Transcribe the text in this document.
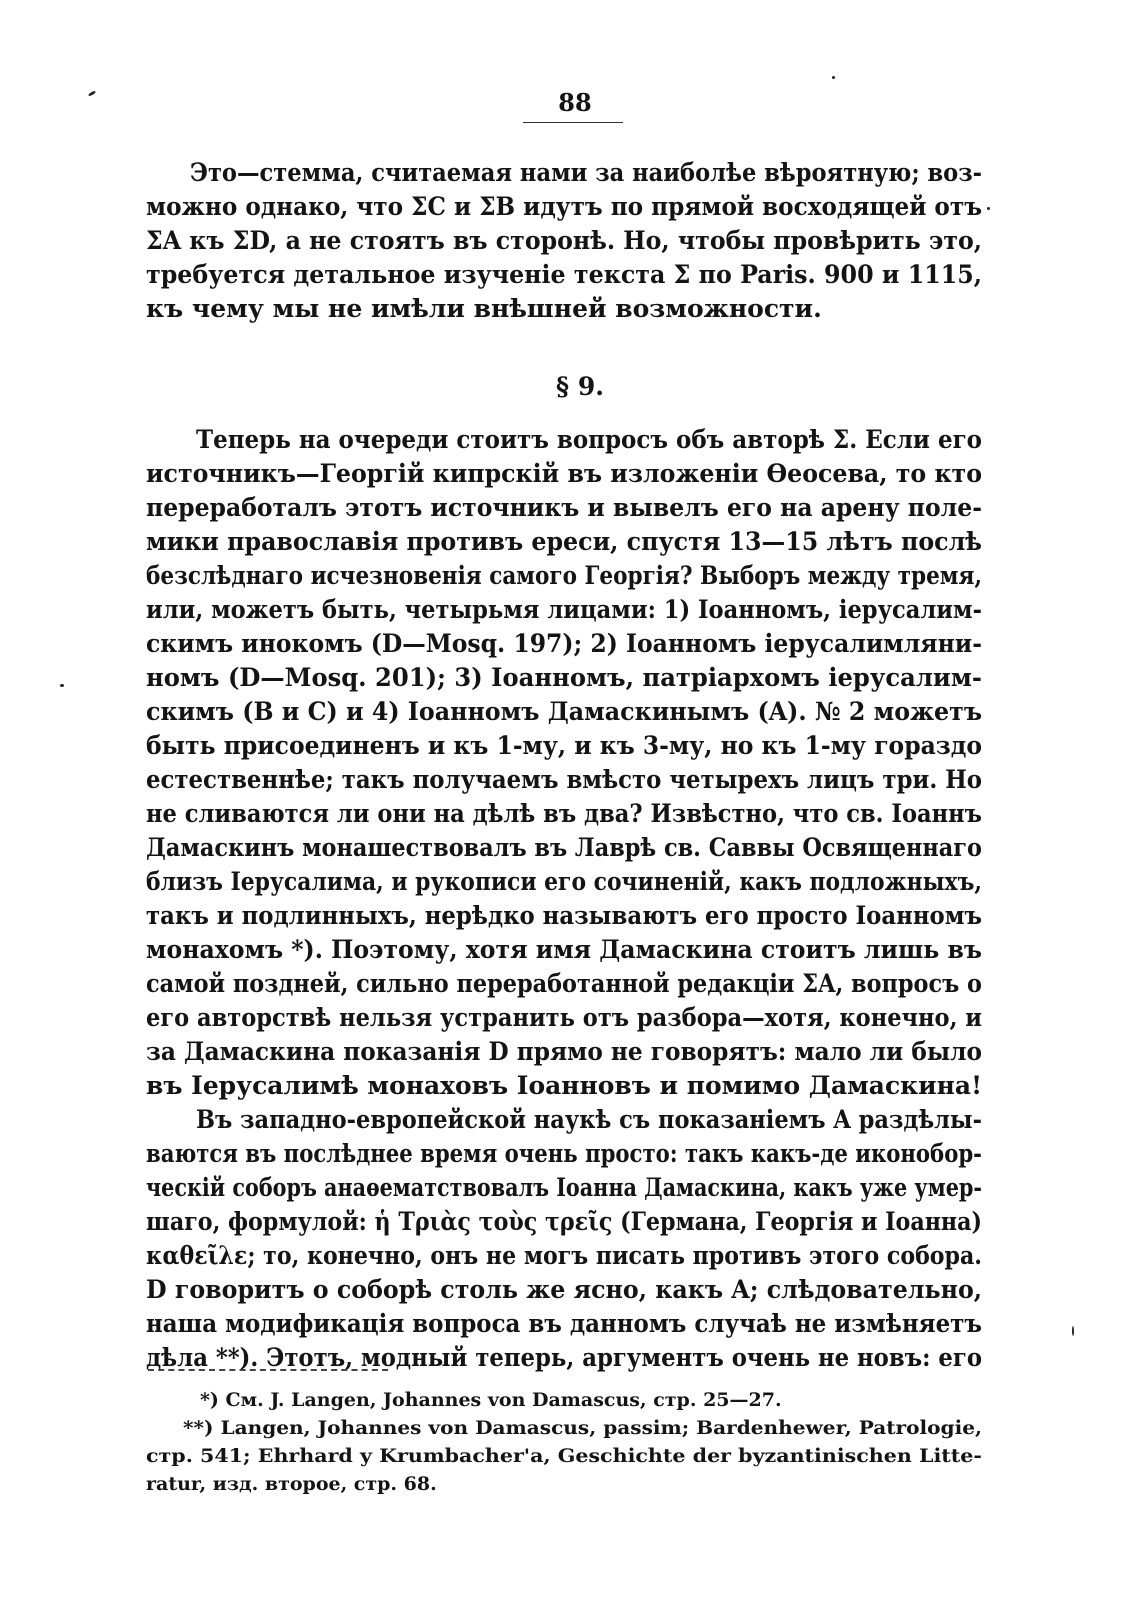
88
Это—стемма, считаемая нами за наиболѣе вѣроятную; воз-
можно однако, что ΣC и ΣB идутъ по прямой восходящей отъ
ΣA къ ΣD, а не стоятъ въ сторонѣ. Но, чтобы провѣрить это,
требуется детальное изученіе текста Σ по Paris. 900 и 1115,
къ чему мы не имѣли внѣшней возможности.
§ 9.
Теперь на очереди стоитъ вопросъ объ авторѣ Σ. Если его
источникъ—Георгій кипрскій въ изложеніи Ѳеосева, то кто
переработалъ этотъ источникъ и вывелъ его на арену поле-
мики православія противъ ереси, спустя 13—15 лѣтъ послѣ
безслѣднаго исчезновенія самого Георгія? Выборъ между тремя,
или, можетъ быть, четырьмя лицами: 1) Іоанномъ, іерусалим-
скимъ инокомъ (D—Mosq. 197); 2) Іоанномъ іерусалимляни-
номъ (D—Mosq. 201); 3) Іоанномъ, патріархомъ іерусалим-
скимъ (B и C) и 4) Іоанномъ Дамаскинымъ (A). № 2 можетъ
быть присоединенъ и къ 1-му, и къ 3-му, но къ 1-му гораздо
естественнѣе; такъ получаемъ вмѣсто четырехъ лицъ три. Но
не сливаются ли они на дѣлѣ въ два? Извѣстно, что св. Іоаннъ
Дамаскинъ монашествовалъ въ Лаврѣ св. Саввы Освященнаго
близъ Іерусалима, и рукописи его сочиненій, какъ подложныхъ,
такъ и подлинныхъ, нерѣдко называютъ его просто Іоанномъ
монахомъ *). Поэтому, хотя имя Дамаскина стоитъ лишь въ
самой поздней, сильно переработанной редакціи ΣA, вопросъ о
его авторствѣ нельзя устранить отъ разбора—хотя, конечно, и
за Дамаскина показанія D прямо не говорятъ: мало ли было
въ Іерусалимѣ монаховъ Іоанновъ и помимо Дамаскина!
Въ западно-европейской наукѣ съ показаніемъ A раздѣлы-
ваются въ послѣднее время очень просто: такъ какъ-де иконобор-
ческій соборъ анаѳематствовалъ Іоанна Дамаскина, какъ уже умер-
шаго, формулой: ἡ Τριὰς τοὺς τρεῖς (Германа, Георгія и Іоанна)
καθεῖλε; то, конечно, онъ не могъ писать противъ этого собора.
D говоритъ о соборѣ столь же ясно, какъ A; слѣдовательно,
наша модификація вопроса въ данномъ случаѣ не измѣняетъ
дѣла **). Этотъ, модный теперь, аргументъ очень не новъ: его
*) См. J. Langen, Johannes von Damascus, стр. 25—27.
**) Langen, Johannes von Damascus, passim; Bardenhewer, Patrologie,
стр. 541; Ehrhard y Krumbacher'a, Geschichte der byzantinischen Litte-
ratur, изд. второе, стр. 68.
